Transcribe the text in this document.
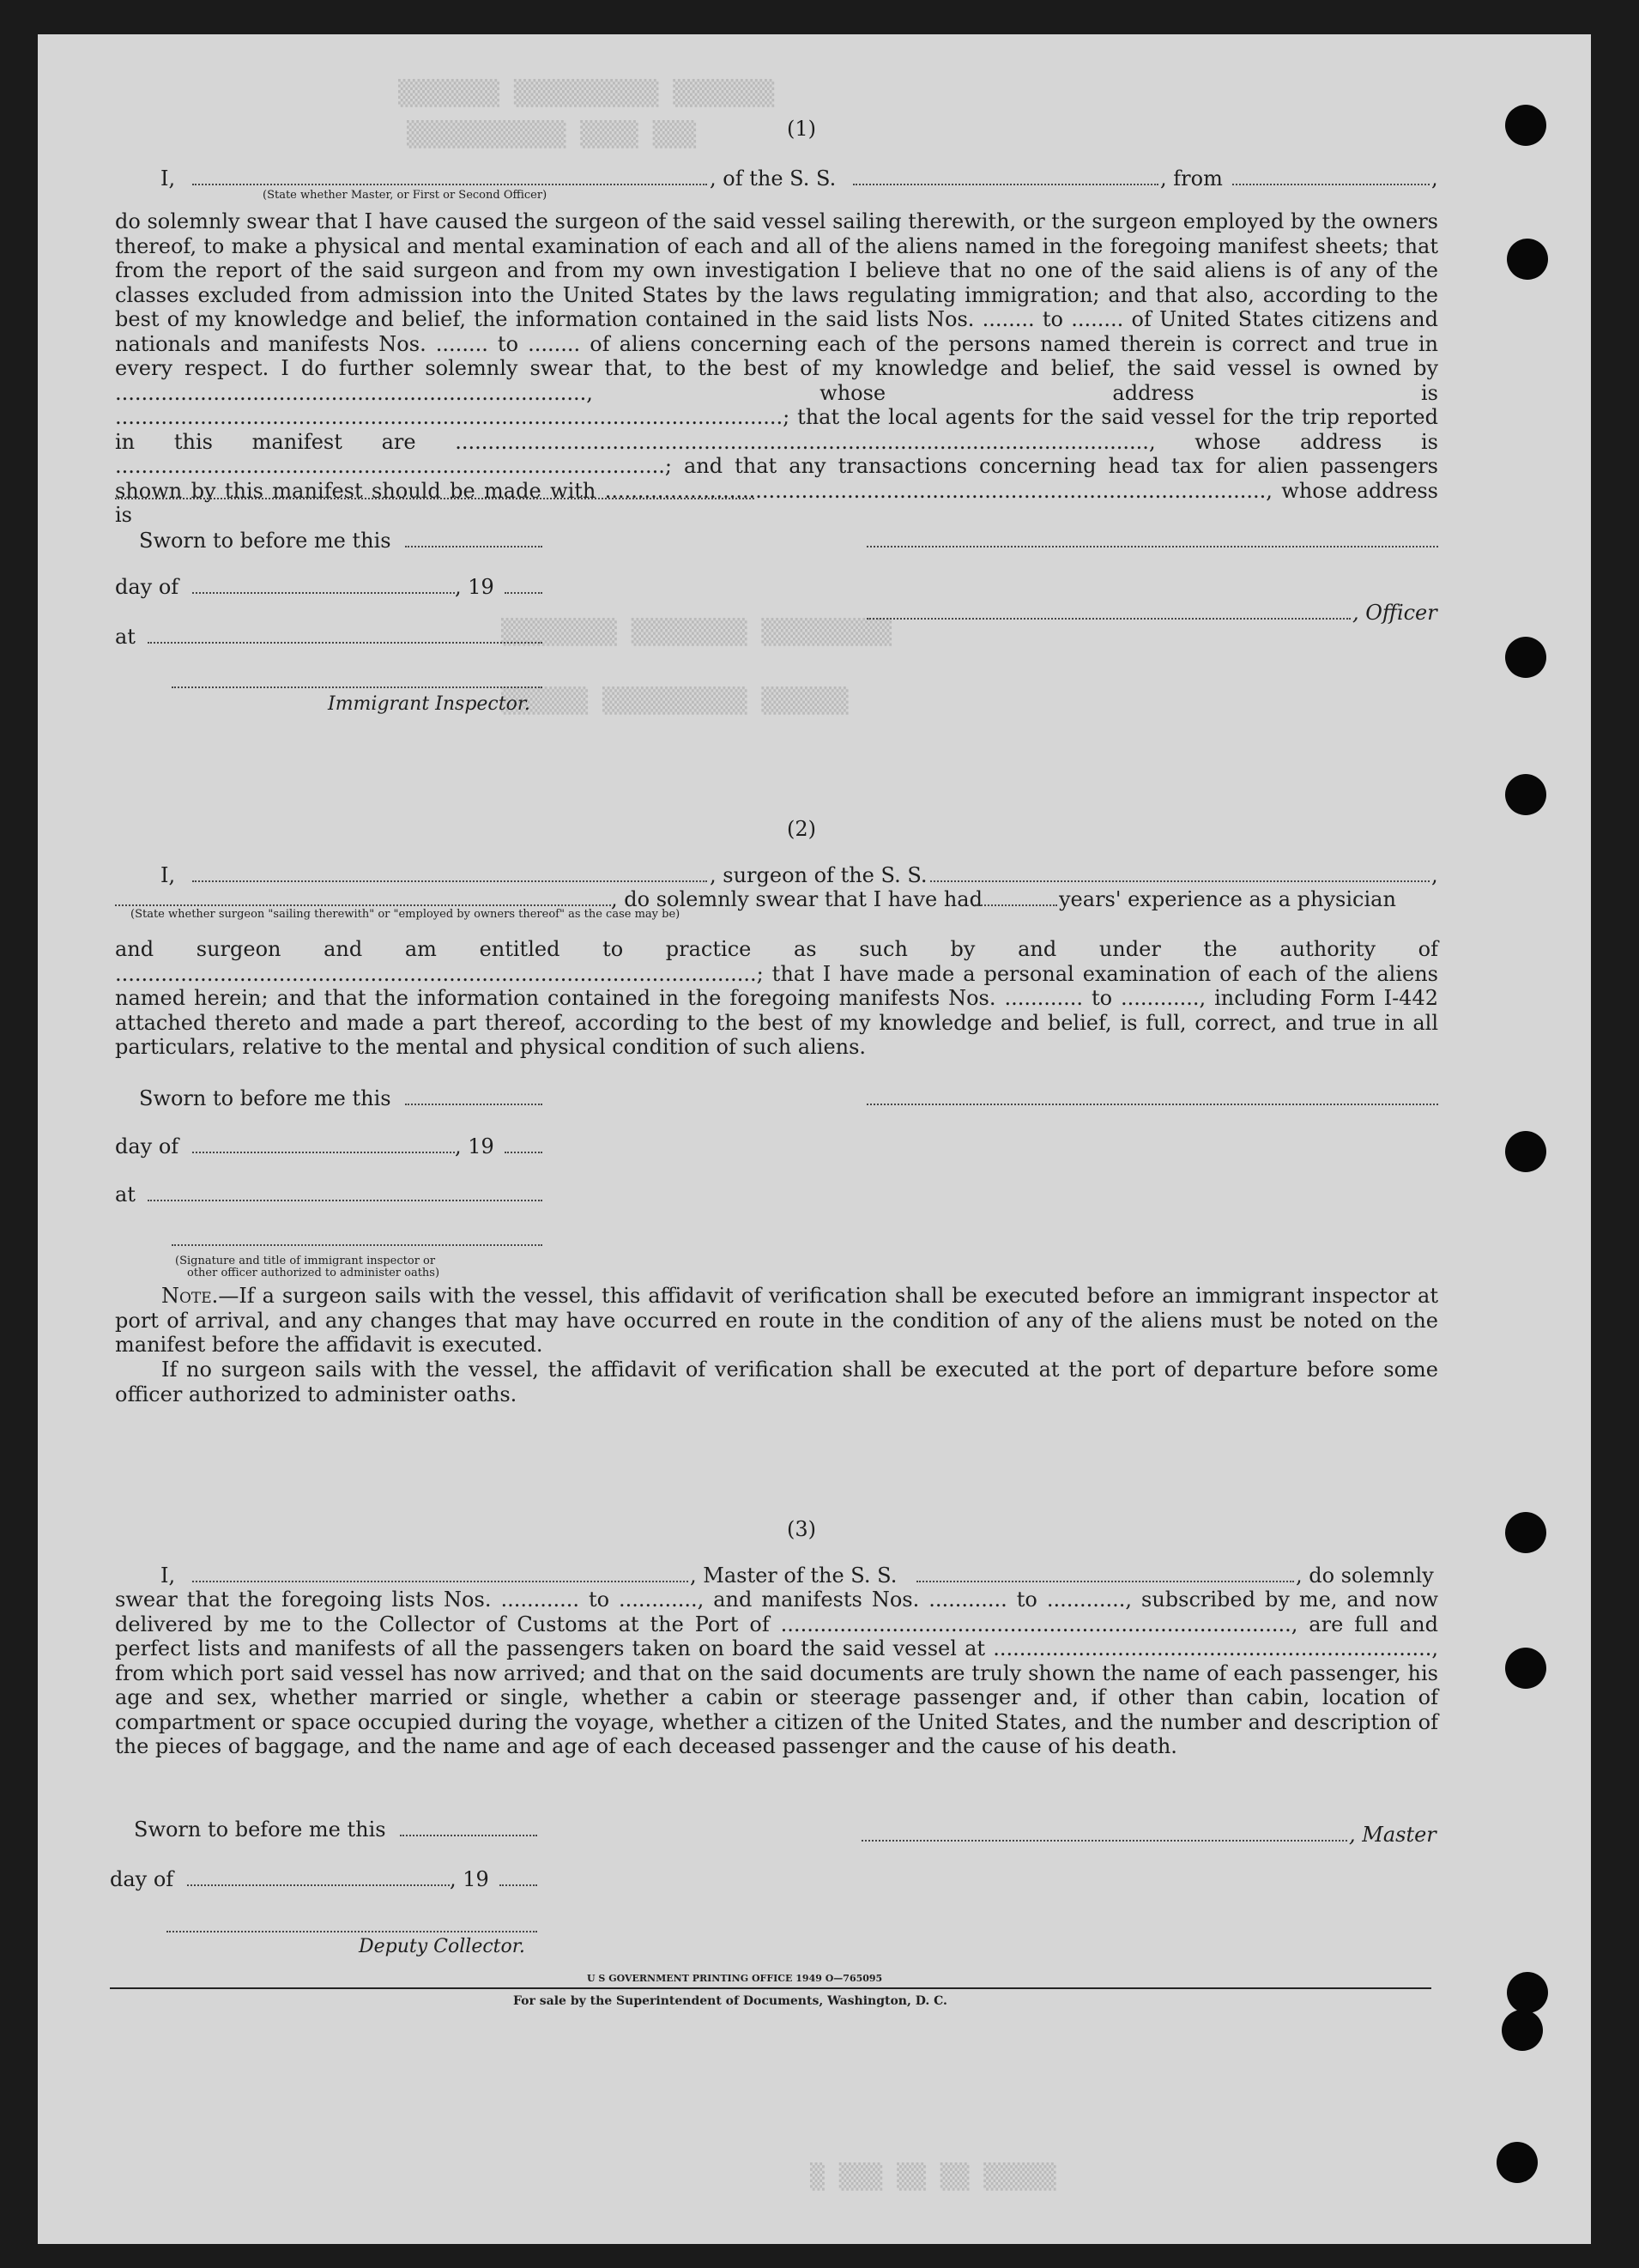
▒▒▒▒▒▒▒ ▒▒▒▒▒▒▒▒▒▒ ▒▒▒▒▒▒▒
▒▒▒▒▒▒▒▒▒▒▒ ▒▒▒▒ ▒▒▒
▒▒▒▒▒▒▒▒ ▒▒▒▒▒▒▒▒ ▒▒▒▒▒▒▒▒▒
▒▒▒▒▒▒ ▒▒▒▒▒▒▒▒▒▒ ▒▒▒▒▒▒
▒ ▒▒▒ ▒▒ ▒▒ ▒▒▒▒▒
(1)
I,	, of the S. S.	, from	,
(State whether Master, or First or Second Officer)
do solemnly swear that I have caused the surgeon of the said vessel sailing therewith, or the surgeon employed by the owners thereof, to make a physical and mental examination of each and all of the aliens named in the foregoing manifest sheets; that from the report of the said surgeon and from my own investigation I believe that no one of the said aliens is of any of the classes excluded from admission into the United States by the laws regulating immigration; and that also, according to the best of my knowledge and belief, the information contained in the said lists Nos. ........ to ........ of United States citizens and nationals and manifests Nos. ........ to ........ of aliens concerning each of the persons named therein is correct and true in every respect. I do further solemnly swear that, to the best of my knowledge and belief, the said vessel is owned by ........................................................................, whose address is ......................................................................................................; that the local agents for the said vessel for the trip reported in this manifest are .........................................................................................................., whose address is ....................................................................................; and that any transactions concerning head tax for alien passengers shown by this manifest should be made with ....................................................................................................., whose address is
Sworn to before me this
day of	, 19
, Officer
at
Immigrant Inspector.
(2)
I,	, surgeon of the S. S.	,
, do solemnly swear that I have had	years' experience as a physician
(State whether surgeon "sailing therewith" or "employed by owners thereof" as the case may be)
and surgeon and am entitled to practice as such by and under the authority of ..................................................................................................; that I have made a personal examination of each of the aliens named herein; and that the information contained in the foregoing manifests Nos. ............ to ............, including Form I-442 attached thereto and made a part thereof, according to the best of my knowledge and belief, is full, correct, and true in all particulars, relative to the mental and physical condition of such aliens.
Sworn to before me this
day of	, 19
at
(Signature and title of immigrant inspector or
other officer authorized to administer oaths)
Note.—If a surgeon sails with the vessel, this affidavit of verification shall be executed before an immigrant inspector at port of arrival, and any changes that may have occurred en route in the condition of any of the aliens must be noted on the manifest before the affidavit is executed.
If no surgeon sails with the vessel, the affidavit of verification shall be executed at the port of departure before some officer authorized to administer oaths.
(3)
I,	, Master of the S. S.	, do solemnly
swear that the foregoing lists Nos. ............ to ............, and manifests Nos. ............ to ............, subscribed by me, and now delivered by me to the Collector of Customs at the Port of .............................................................................., are full and perfect lists and manifests of all the passengers taken on board the said vessel at ..................................................................., from which port said vessel has now arrived; and that on the said documents are truly shown the name of each passenger, his age and sex, whether married or single, whether a cabin or steerage passenger and, if other than cabin, location of compartment or space occupied during the voyage, whether a citizen of the United States, and the number and description of the pieces of baggage, and the name and age of each deceased passenger and the cause of his death.
Sworn to before me this	, Master
day of	, 19
Deputy Collector.
U S GOVERNMENT PRINTING OFFICE 1949 O—765095
For sale by the Superintendent of Documents, Washington, D. C.
